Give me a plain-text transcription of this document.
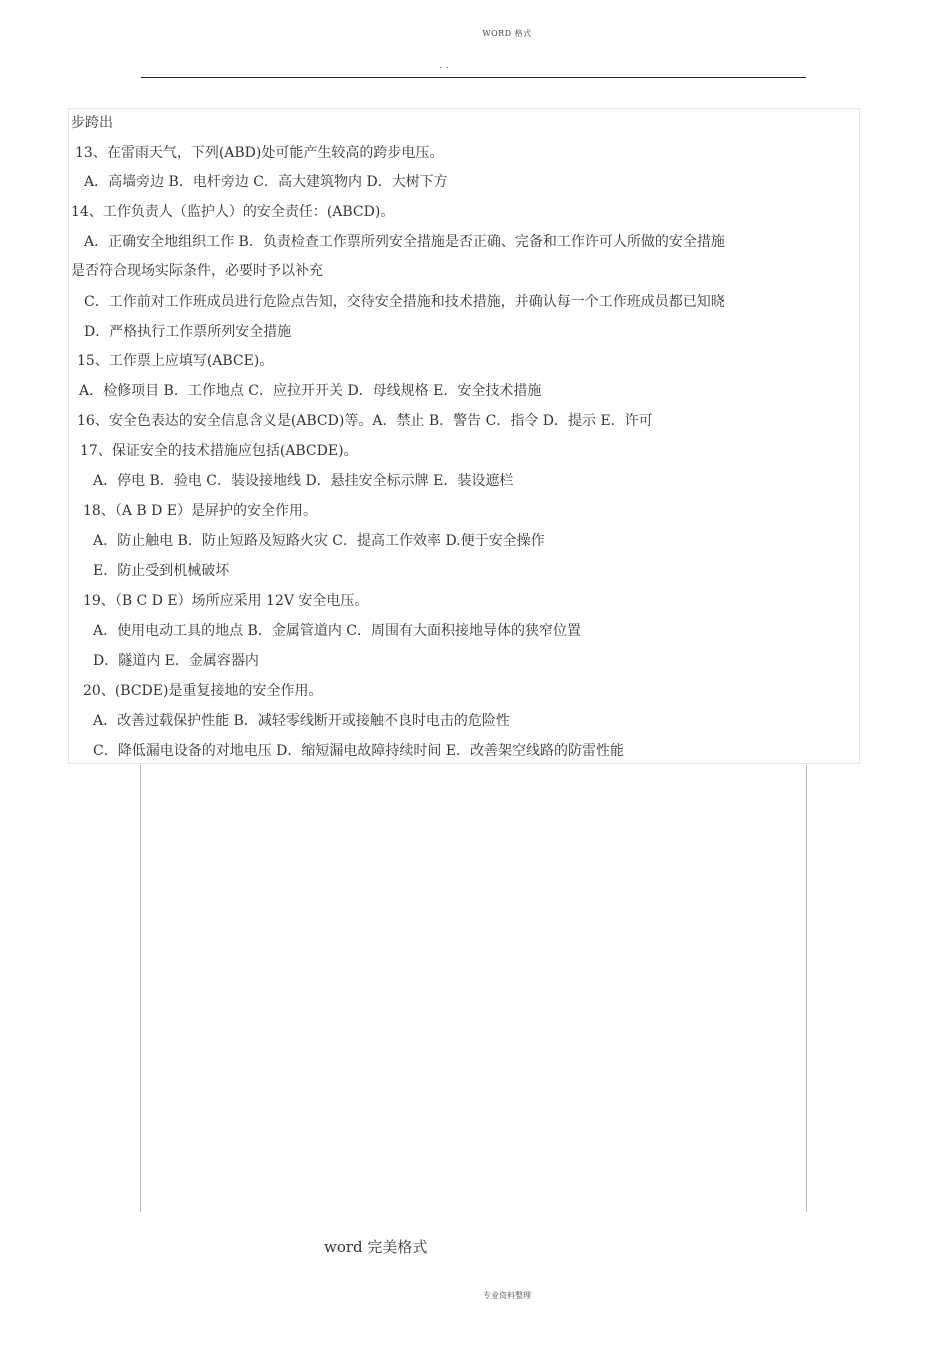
WORD 格式
. .
步跨出
13、在雷雨天气，下列(ABD)处可能产生较高的跨步电压。
A．高墙旁边 B．电杆旁边 C．高大建筑物内 D．大树下方
14、工作负责人（监护人）的安全责任：(ABCD)。
A．正确安全地组织工作 B．负责检查工作票所列安全措施是否正确、完备和工作许可人所做的安全措施
是否符合现场实际条件，必要时予以补充
C．工作前对工作班成员进行危险点告知，交待安全措施和技术措施，并确认每一个工作班成员都已知晓
D．严格执行工作票所列安全措施
15、工作票上应填写(ABCE)。
A．检修项目 B．工作地点 C．应拉开开关 D．母线规格 E．安全技术措施
16、安全色表达的安全信息含义是(ABCD)等。A．禁止 B．警告 C．指令 D．提示 E．许可
17、保证安全的技术措施应包括(ABCDE)。
A．停电 B．验电 C．装设接地线 D．悬挂安全标示牌 E．装设遮栏
18、（A B D E）是屏护的安全作用。
A．防止触电 B．防止短路及短路火灾 C．提高工作效率 D.便于安全操作
E．防止受到机械破坏
19、（B C D E）场所应采用 12V 安全电压。
A．使用电动工具的地点 B．金属管道内 C．周围有大面积接地导体的狭窄位置
D．隧道内 E．金属容器内
20、(BCDE)是重复接地的安全作用。
A．改善过载保护性能 B．减轻零线断开或接触不良时电击的危险性
C．降低漏电设备的对地电压 D．缩短漏电故障持续时间 E．改善架空线路的防雷性能
word 完美格式
专业资料整理
